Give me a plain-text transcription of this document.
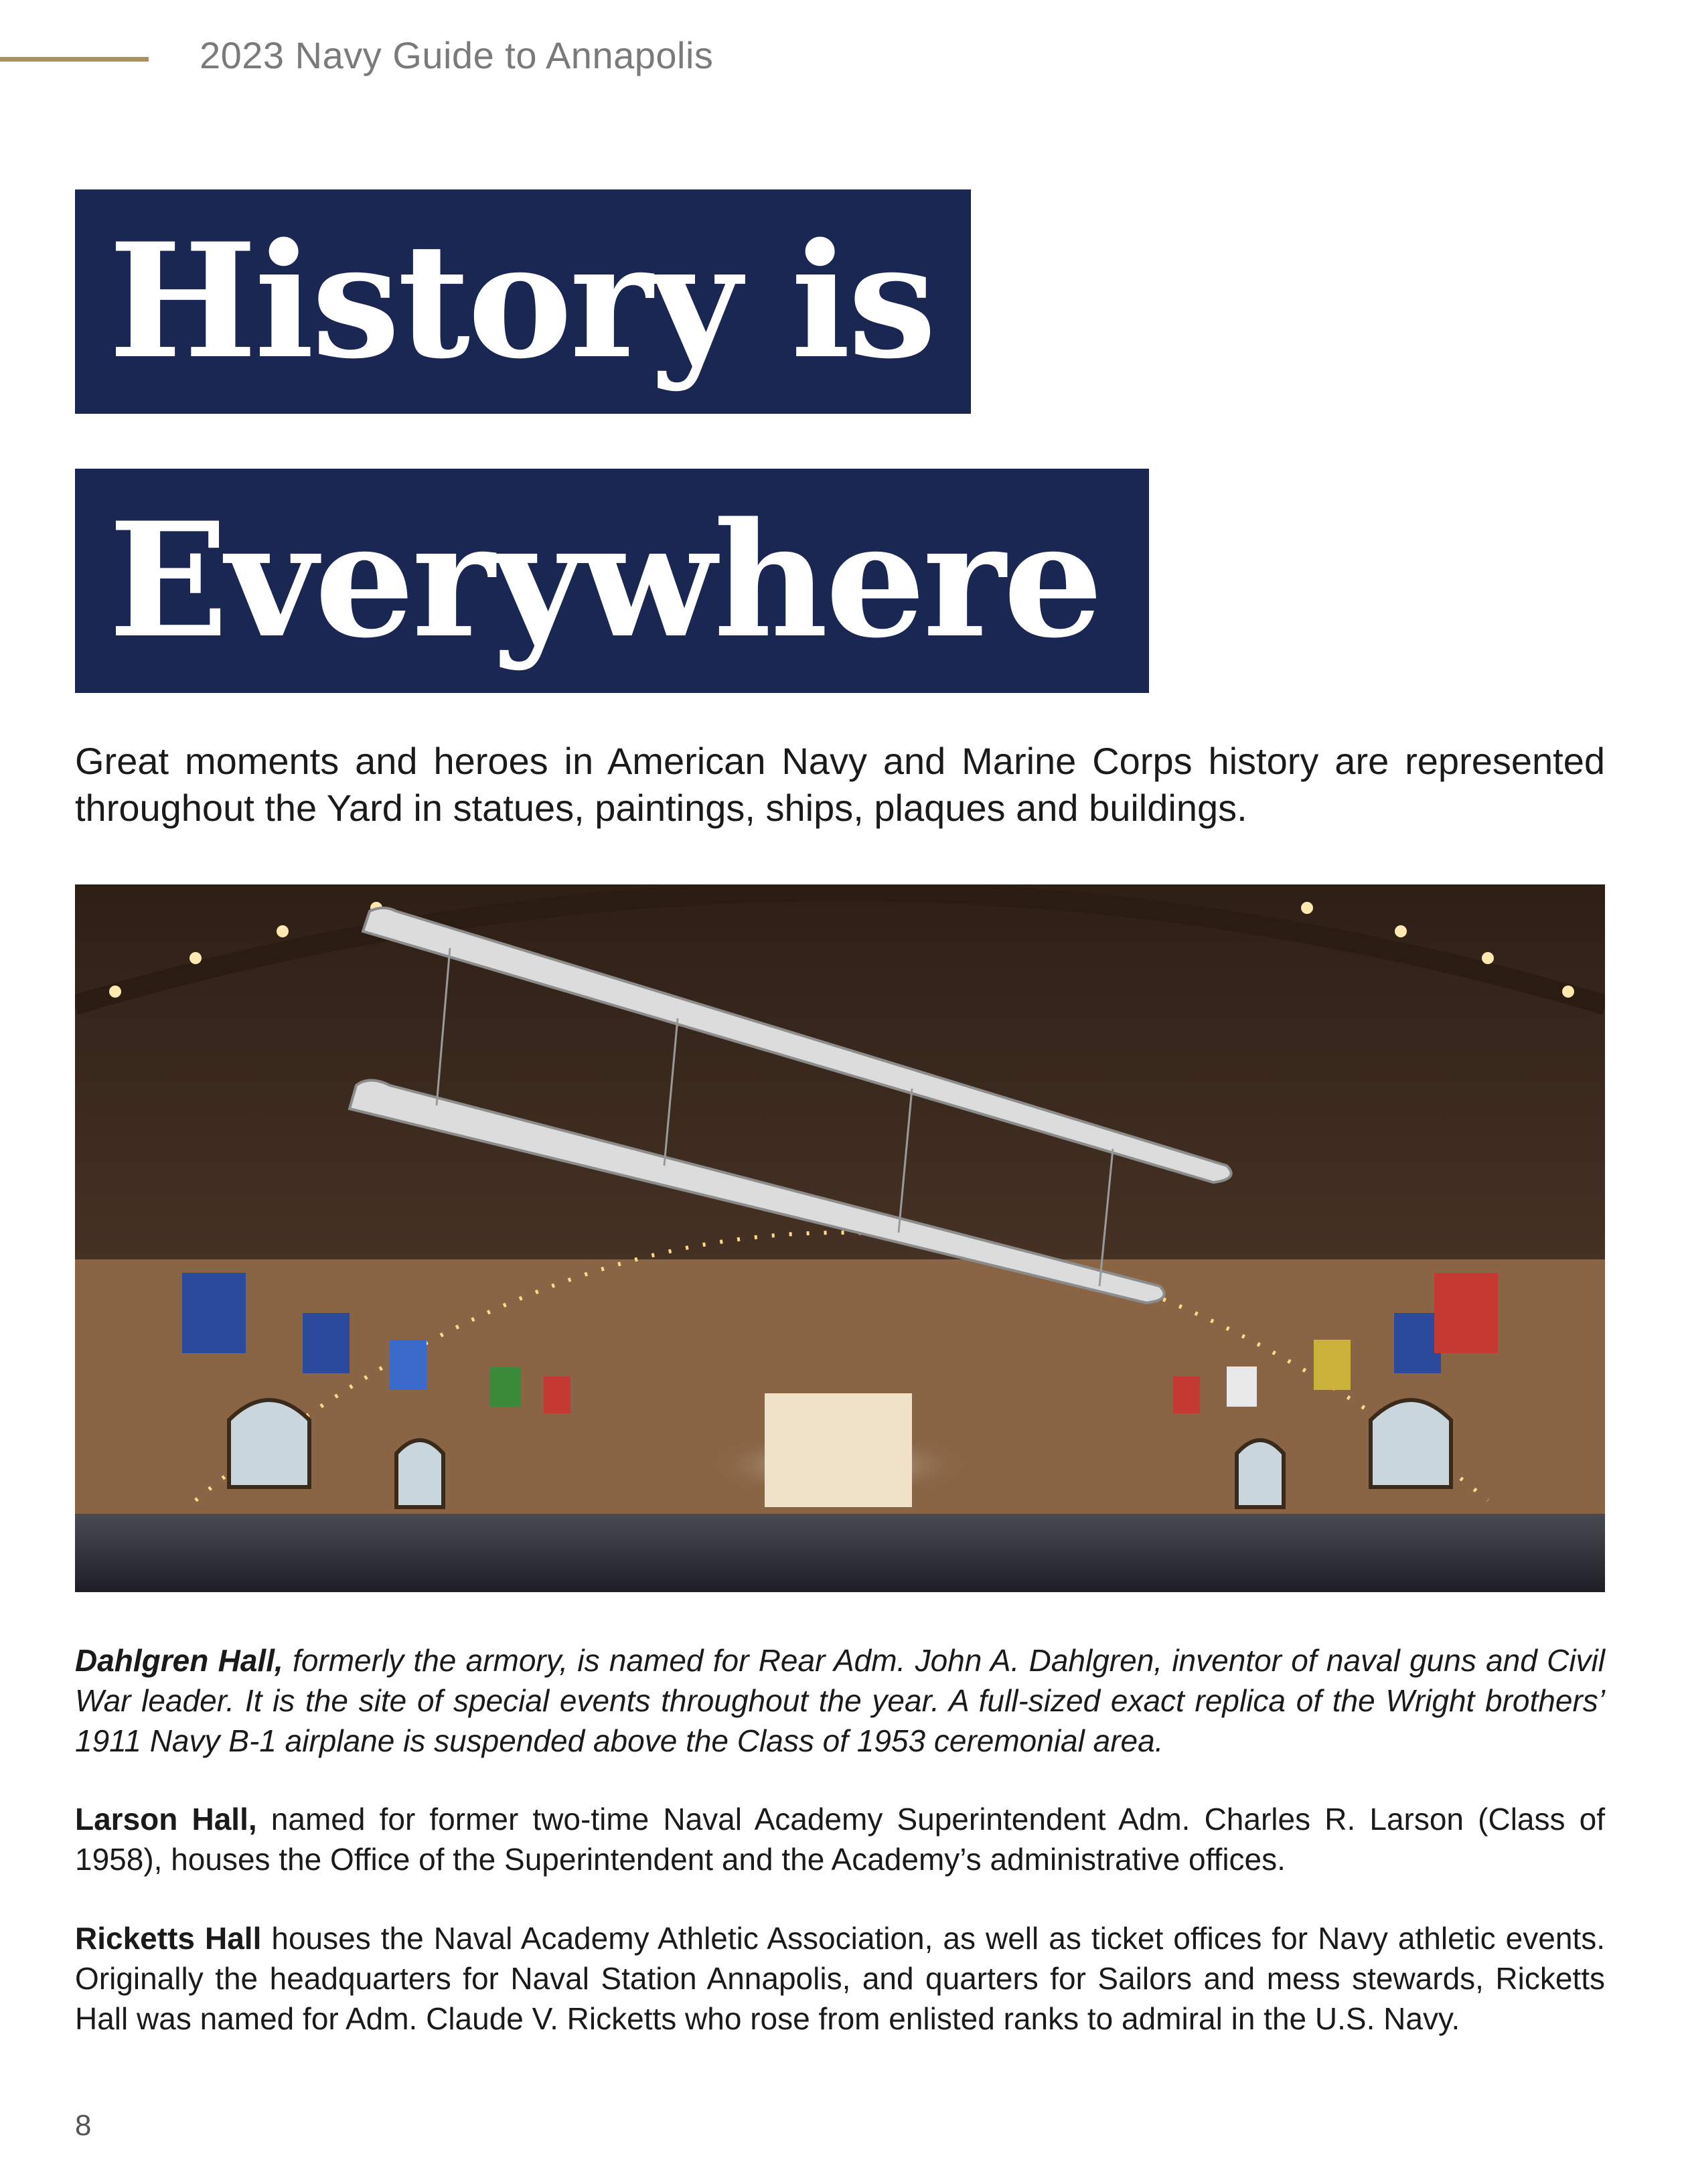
2023 Navy Guide to Annapolis
History is
Everywhere
Great moments and heroes in American Navy and Marine Corps history are represented throughout the Yard in statues, paintings, ships, plaques and buildings.
Dahlgren Hall, formerly the armory, is named for Rear Adm. John A. Dahlgren, inventor of naval guns and Civil War leader. It is the site of special events throughout the year. A full-sized exact replica of the Wright brothers’ 1911 Navy B-1 airplane is suspended above the Class of 1953 ceremonial area.
Larson Hall, named for former two-time Naval Academy Superintendent Adm. Charles R. Larson (Class of 1958), houses the Office of the Superintendent and the Academy’s administrative offices.
Ricketts Hall houses the Naval Academy Athletic Association, as well as ticket offices for Navy athletic events. Originally the headquarters for Naval Station Annapolis, and quarters for Sailors and mess stewards, Ricketts Hall was named for Adm. Claude V. Ricketts who rose from enlisted ranks to admiral in the U.S. Navy.
8
